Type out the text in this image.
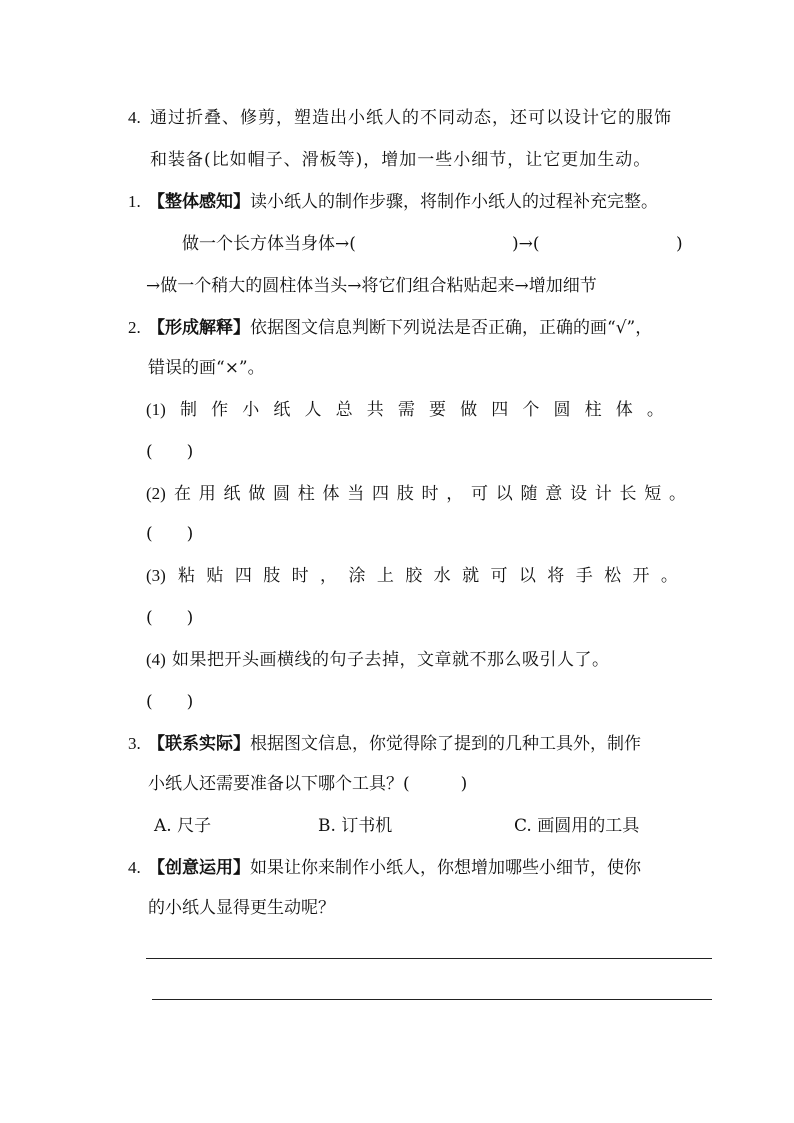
4. 通过折叠、修剪，塑造出小纸人的不同动态，还可以设计它的服饰
和装备(比如帽子、滑板等)，增加一些小细节，让它更加生动。
1. 【整体感知】读小纸人的制作步骤，将制作小纸人的过程补充完整。
做一个长方体当身体→(	)→(	)
→做一个稍大的圆柱体当头→将它们组合粘贴起来→增加细节
2. 【形成解释】依据图文信息判断下列说法是否正确，正确的画“√”，
错误的画“×”。
(1) 制 作 小 纸 人 总 共 需 要 做 四 个 圆 柱 体 。
(　　)
(2) 在 用 纸 做 圆 柱 体 当 四 肢 时 ， 可 以 随 意 设 计 长 短 。
(　　)
(3) 粘 贴 四 肢 时 ， 涂 上 胶 水 就 可 以 将 手 松 开 。
(　　)
(4) 如果把开头画横线的句子去掉，文章就不那么吸引人了。
(　　)
3. 【联系实际】根据图文信息，你觉得除了提到的几种工具外，制作
小纸人还需要准备以下哪个工具？(　　　)
A. 尺子	B. 订书机	C. 画圆用的工具
4. 【创意运用】如果让你来制作小纸人，你想增加哪些小细节，使你
的小纸人显得更生动呢？
